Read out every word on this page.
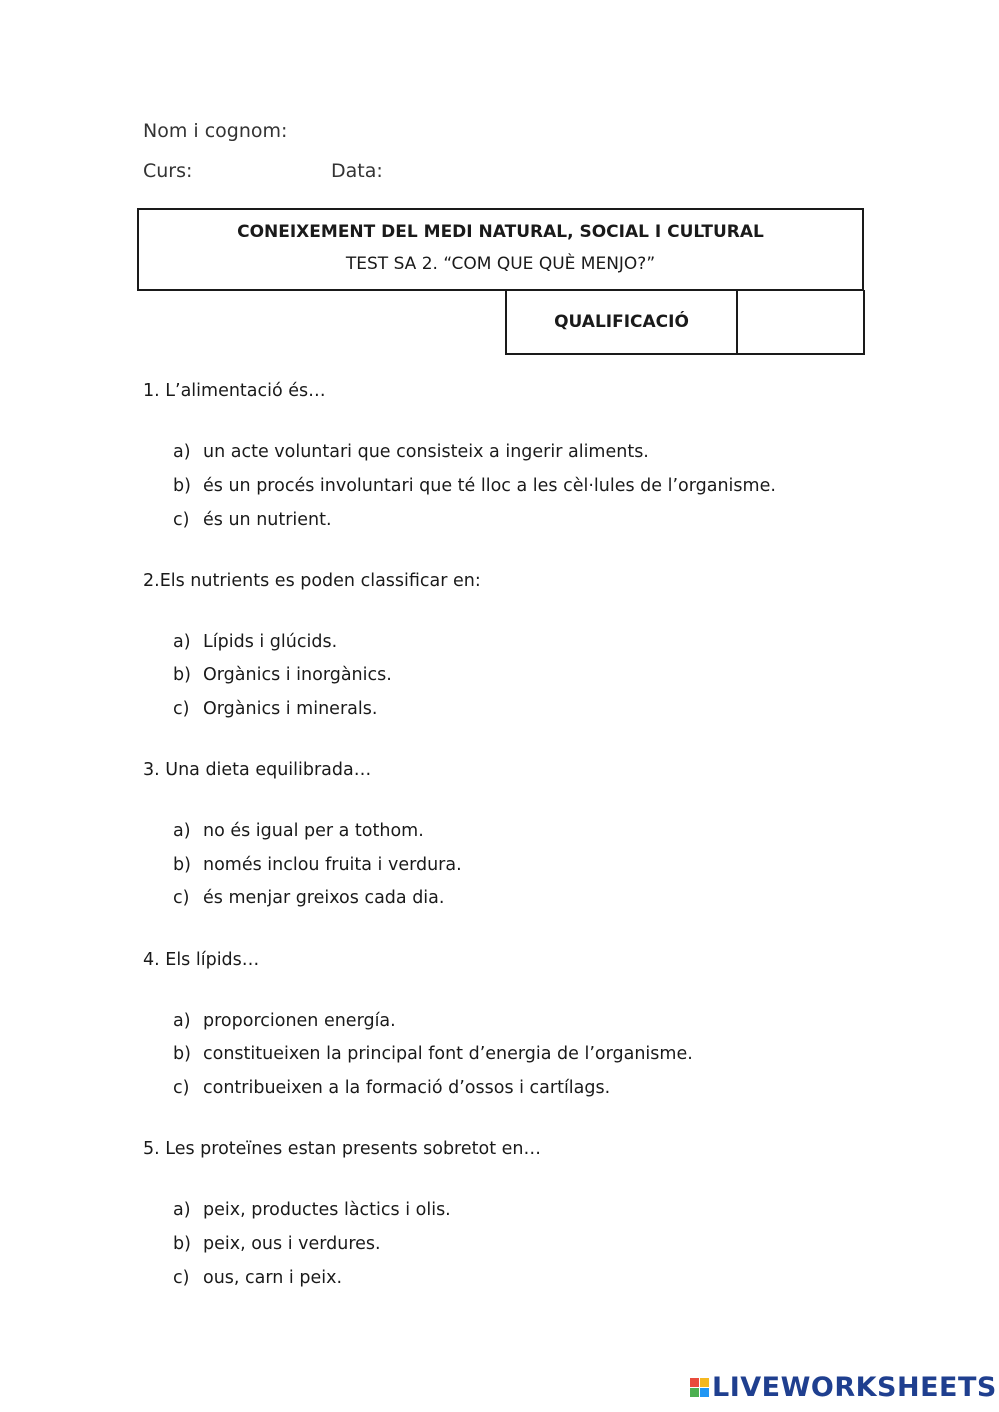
Nom i cognom:
Curs:	Data:
CONEIXEMENT DEL MEDI NATURAL, SOCIAL I CULTURAL
TEST SA 2. “COM QUE QUÈ MENJO?”
QUALIFICACIÓ
1. L’alimentació és…
a) un acte voluntari que consisteix a ingerir aliments.
b) és un procés involuntari que té lloc a les cèl·lules de l’organisme.
c) és un nutrient.
2.Els nutrients es poden classificar en:
a) Lípids i glúcids.
b) Orgànics i inorgànics.
c) Orgànics i minerals.
3. Una dieta equilibrada…
a) no és igual per a tothom.
b) només inclou fruita i verdura.
c) és menjar greixos cada dia.
4. Els lípids…
a) proporcionen energía.
b) constitueixen la principal font d’energia de l’organisme.
c) contribueixen a la formació d’ossos i cartílags.
5. Les proteïnes estan presents sobretot en…
a) peix, productes làctics i olis.
b) peix, ous i verdures.
c) ous, carn i peix.
LIVEWORKSHEETS
